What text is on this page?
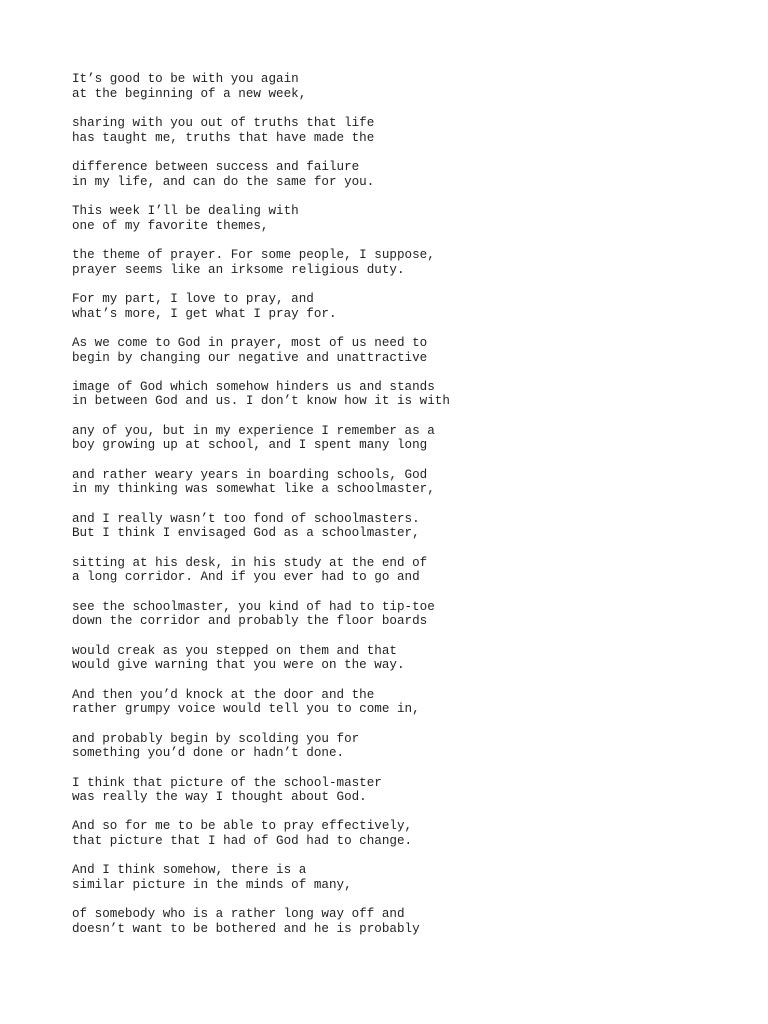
It’s good to be with you again
at the beginning of a new week,
sharing with you out of truths that life
has taught me, truths that have made the
difference between success and failure
in my life, and can do the same for you.
This week I’ll be dealing with
one of my favorite themes,
the theme of prayer. For some people, I suppose,
prayer seems like an irksome religious duty.
For my part, I love to pray, and
what’s more, I get what I pray for.
As we come to God in prayer, most of us need to
begin by changing our negative and unattractive
image of God which somehow hinders us and stands
in between God and us. I don’t know how it is with
any of you, but in my experience I remember as a
boy growing up at school, and I spent many long
and rather weary years in boarding schools, God
in my thinking was somewhat like a schoolmaster,
and I really wasn’t too fond of schoolmasters.
But I think I envisaged God as a schoolmaster,
sitting at his desk, in his study at the end of
a long corridor. And if you ever had to go and
see the schoolmaster, you kind of had to tip-toe
down the corridor and probably the floor boards
would creak as you stepped on them and that
would give warning that you were on the way.
And then you’d knock at the door and the
rather grumpy voice would tell you to come in,
and probably begin by scolding you for
something you’d done or hadn’t done.
I think that picture of the school-master
was really the way I thought about God.
And so for me to be able to pray effectively,
that picture that I had of God had to change.
And I think somehow, there is a
similar picture in the minds of many,
of somebody who is a rather long way off and
doesn’t want to be bothered and he is probably
